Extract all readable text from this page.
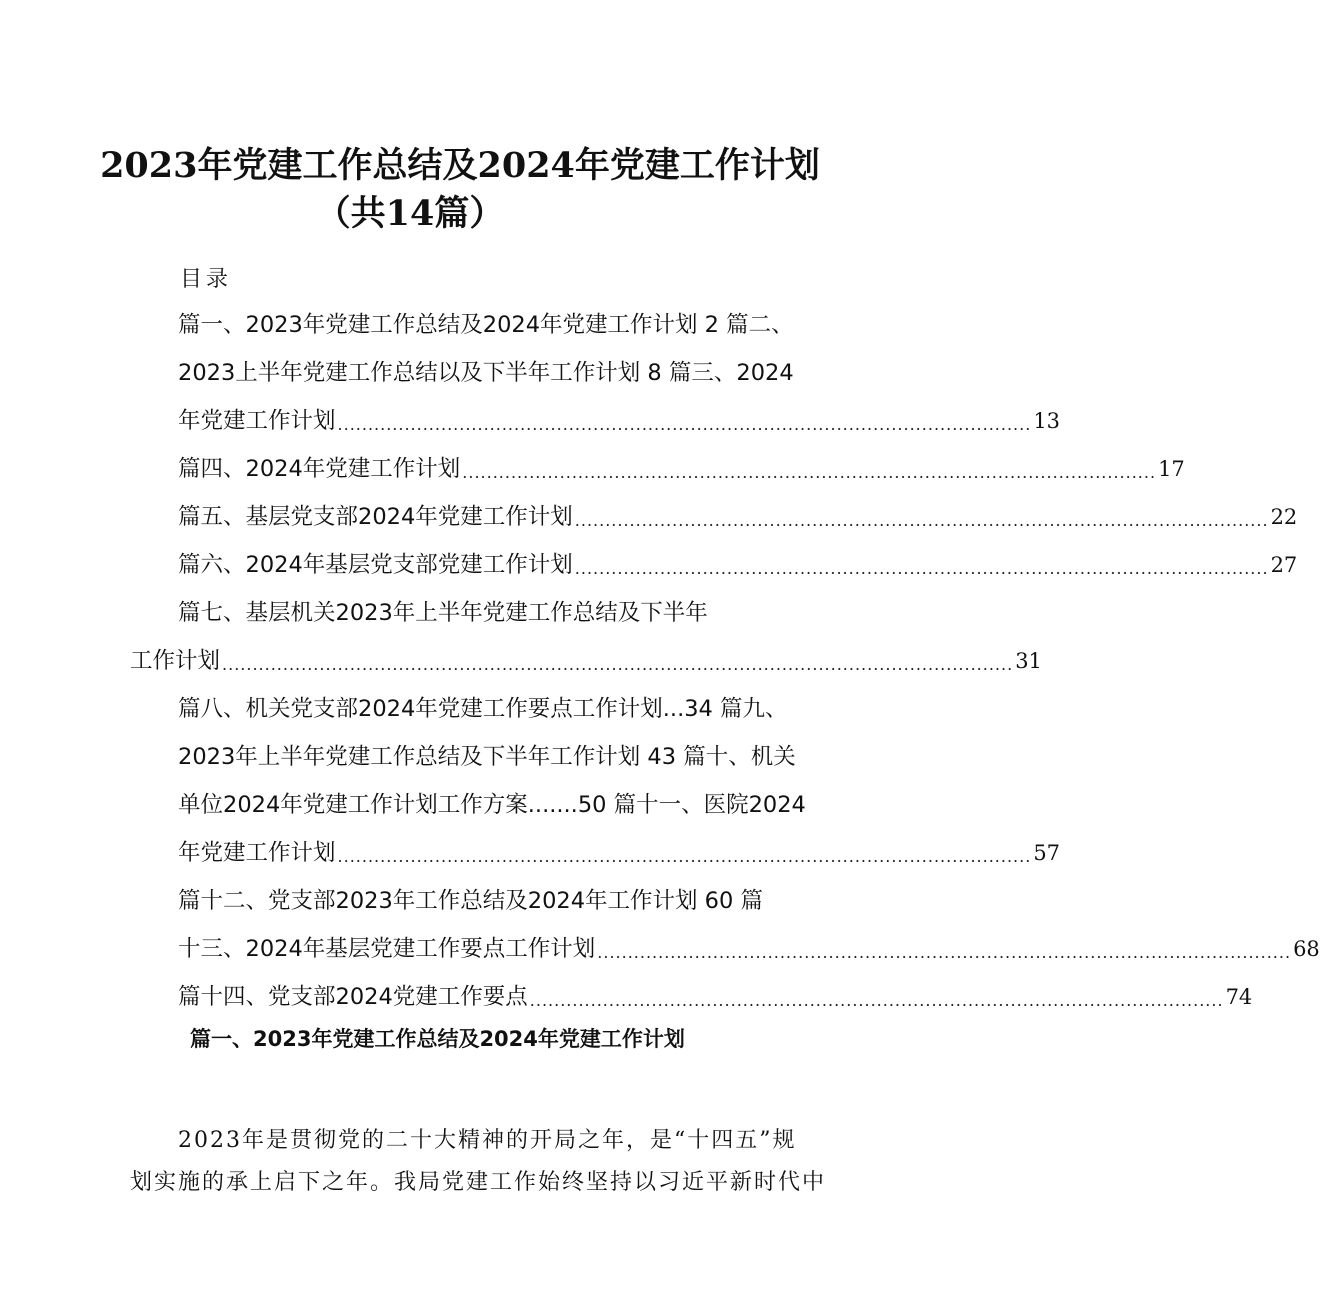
2023年党建工作总结及2024年党建工作计划
（共14篇）
目录
篇一、2023年党建工作总结及2024年党建工作计划 2 篇二、
2023上半年党建工作总结以及下半年工作计划 8 篇三、2024
年党建工作计划 .................................................................................................................. 13
篇四、2024年党建工作计划 .................................................................................................................. 17
篇五、基层党支部2024年党建工作计划 .................................................................................................................. 22
篇六、2024年基层党支部党建工作计划 .................................................................................................................. 27
篇七、基层机关2023年上半年党建工作总结及下半年
工作计划 .................................................................................................................................. 31
篇八、机关党支部2024年党建工作要点工作计划...34 篇九、
2023年上半年党建工作总结及下半年工作计划 43 篇十、机关
单位2024年党建工作计划工作方案.......50 篇十一、医院2024
年党建工作计划 .................................................................................................................. 57
篇十二、党支部2023年工作总结及2024年工作计划 60 篇
十三、2024年基层党建工作要点工作计划 .................................................................................................................. 68
篇十四、党支部2024党建工作要点 .................................................................................................................. 74
篇一、2023年党建工作总结及2024年党建工作计划
2023年是贯彻党的二十大精神的开局之年，是“十四五”规
划实施的承上启下之年。我局党建工作始终坚持以习近平新时代中
